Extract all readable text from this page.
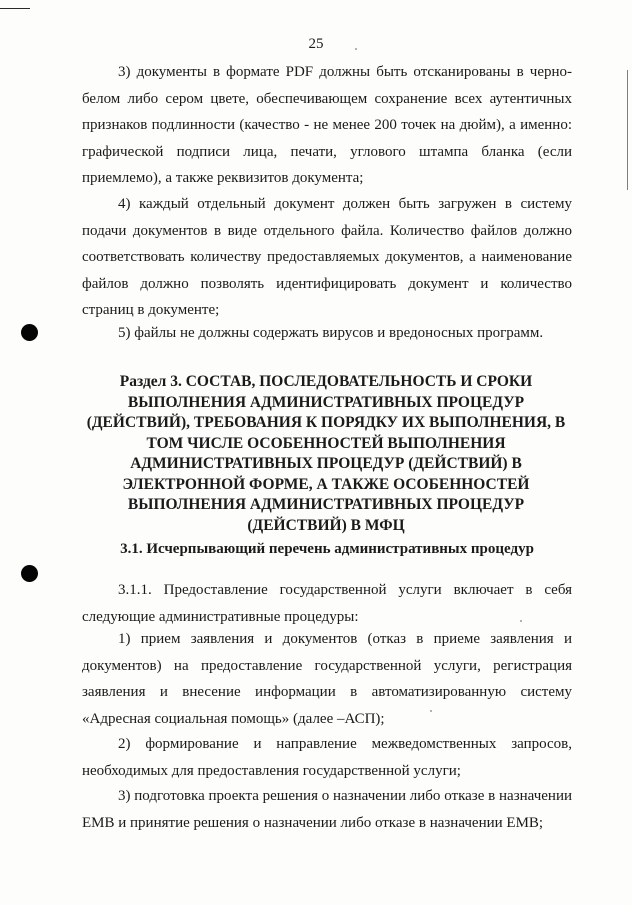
25

3) документы в формате PDF должны быть отсканированы в черно-белом либо сером цвете, обеспечивающем сохранение всех аутентичных признаков подлинности (качество - не менее 200 точек на дюйм), а именно: графической подписи лица, печати, углового штампа бланка (если приемлемо), а также реквизитов документа;

4) каждый отдельный документ должен быть загружен в систему подачи документов в виде отдельного файла. Количество файлов должно соответствовать количеству предоставляемых документов, а наименование файлов должно позволять идентифицировать документ и количество страниц в документе;

5) файлы не должны содержать вирусов и вредоносных программ.

Раздел 3. СОСТАВ, ПОСЛЕДОВАТЕЛЬНОСТЬ И СРОКИ ВЫПОЛНЕНИЯ АДМИНИСТРАТИВНЫХ ПРОЦЕДУР (ДЕЙСТВИЙ), ТРЕБОВАНИЯ К ПОРЯДКУ ИХ ВЫПОЛНЕНИЯ, В ТОМ ЧИСЛЕ ОСОБЕННОСТЕЙ ВЫПОЛНЕНИЯ АДМИНИСТРАТИВНЫХ ПРОЦЕДУР (ДЕЙСТВИЙ) В ЭЛЕКТРОННОЙ ФОРМЕ, А ТАКЖЕ ОСОБЕННОСТЕЙ ВЫПОЛНЕНИЯ АДМИНИСТРАТИВНЫХ ПРОЦЕДУР (ДЕЙСТВИЙ) В МФЦ
3.1. Исчерпывающий перечень административных процедур

3.1.1. Предоставление государственной услуги включает в себя следующие административные процедуры:

1) прием заявления и документов (отказ в приеме заявления и документов) на предоставление государственной услуги, регистрация заявления и внесение информации в автоматизированную систему «Адресная социальная помощь» (далее –АСП);

2) формирование и направление межведомственных запросов, необходимых для предоставления государственной услуги;

3) подготовка проекта решения о назначении либо отказе в назначении ЕМВ и принятие решения о назначении либо отказе в назначении ЕМВ;
